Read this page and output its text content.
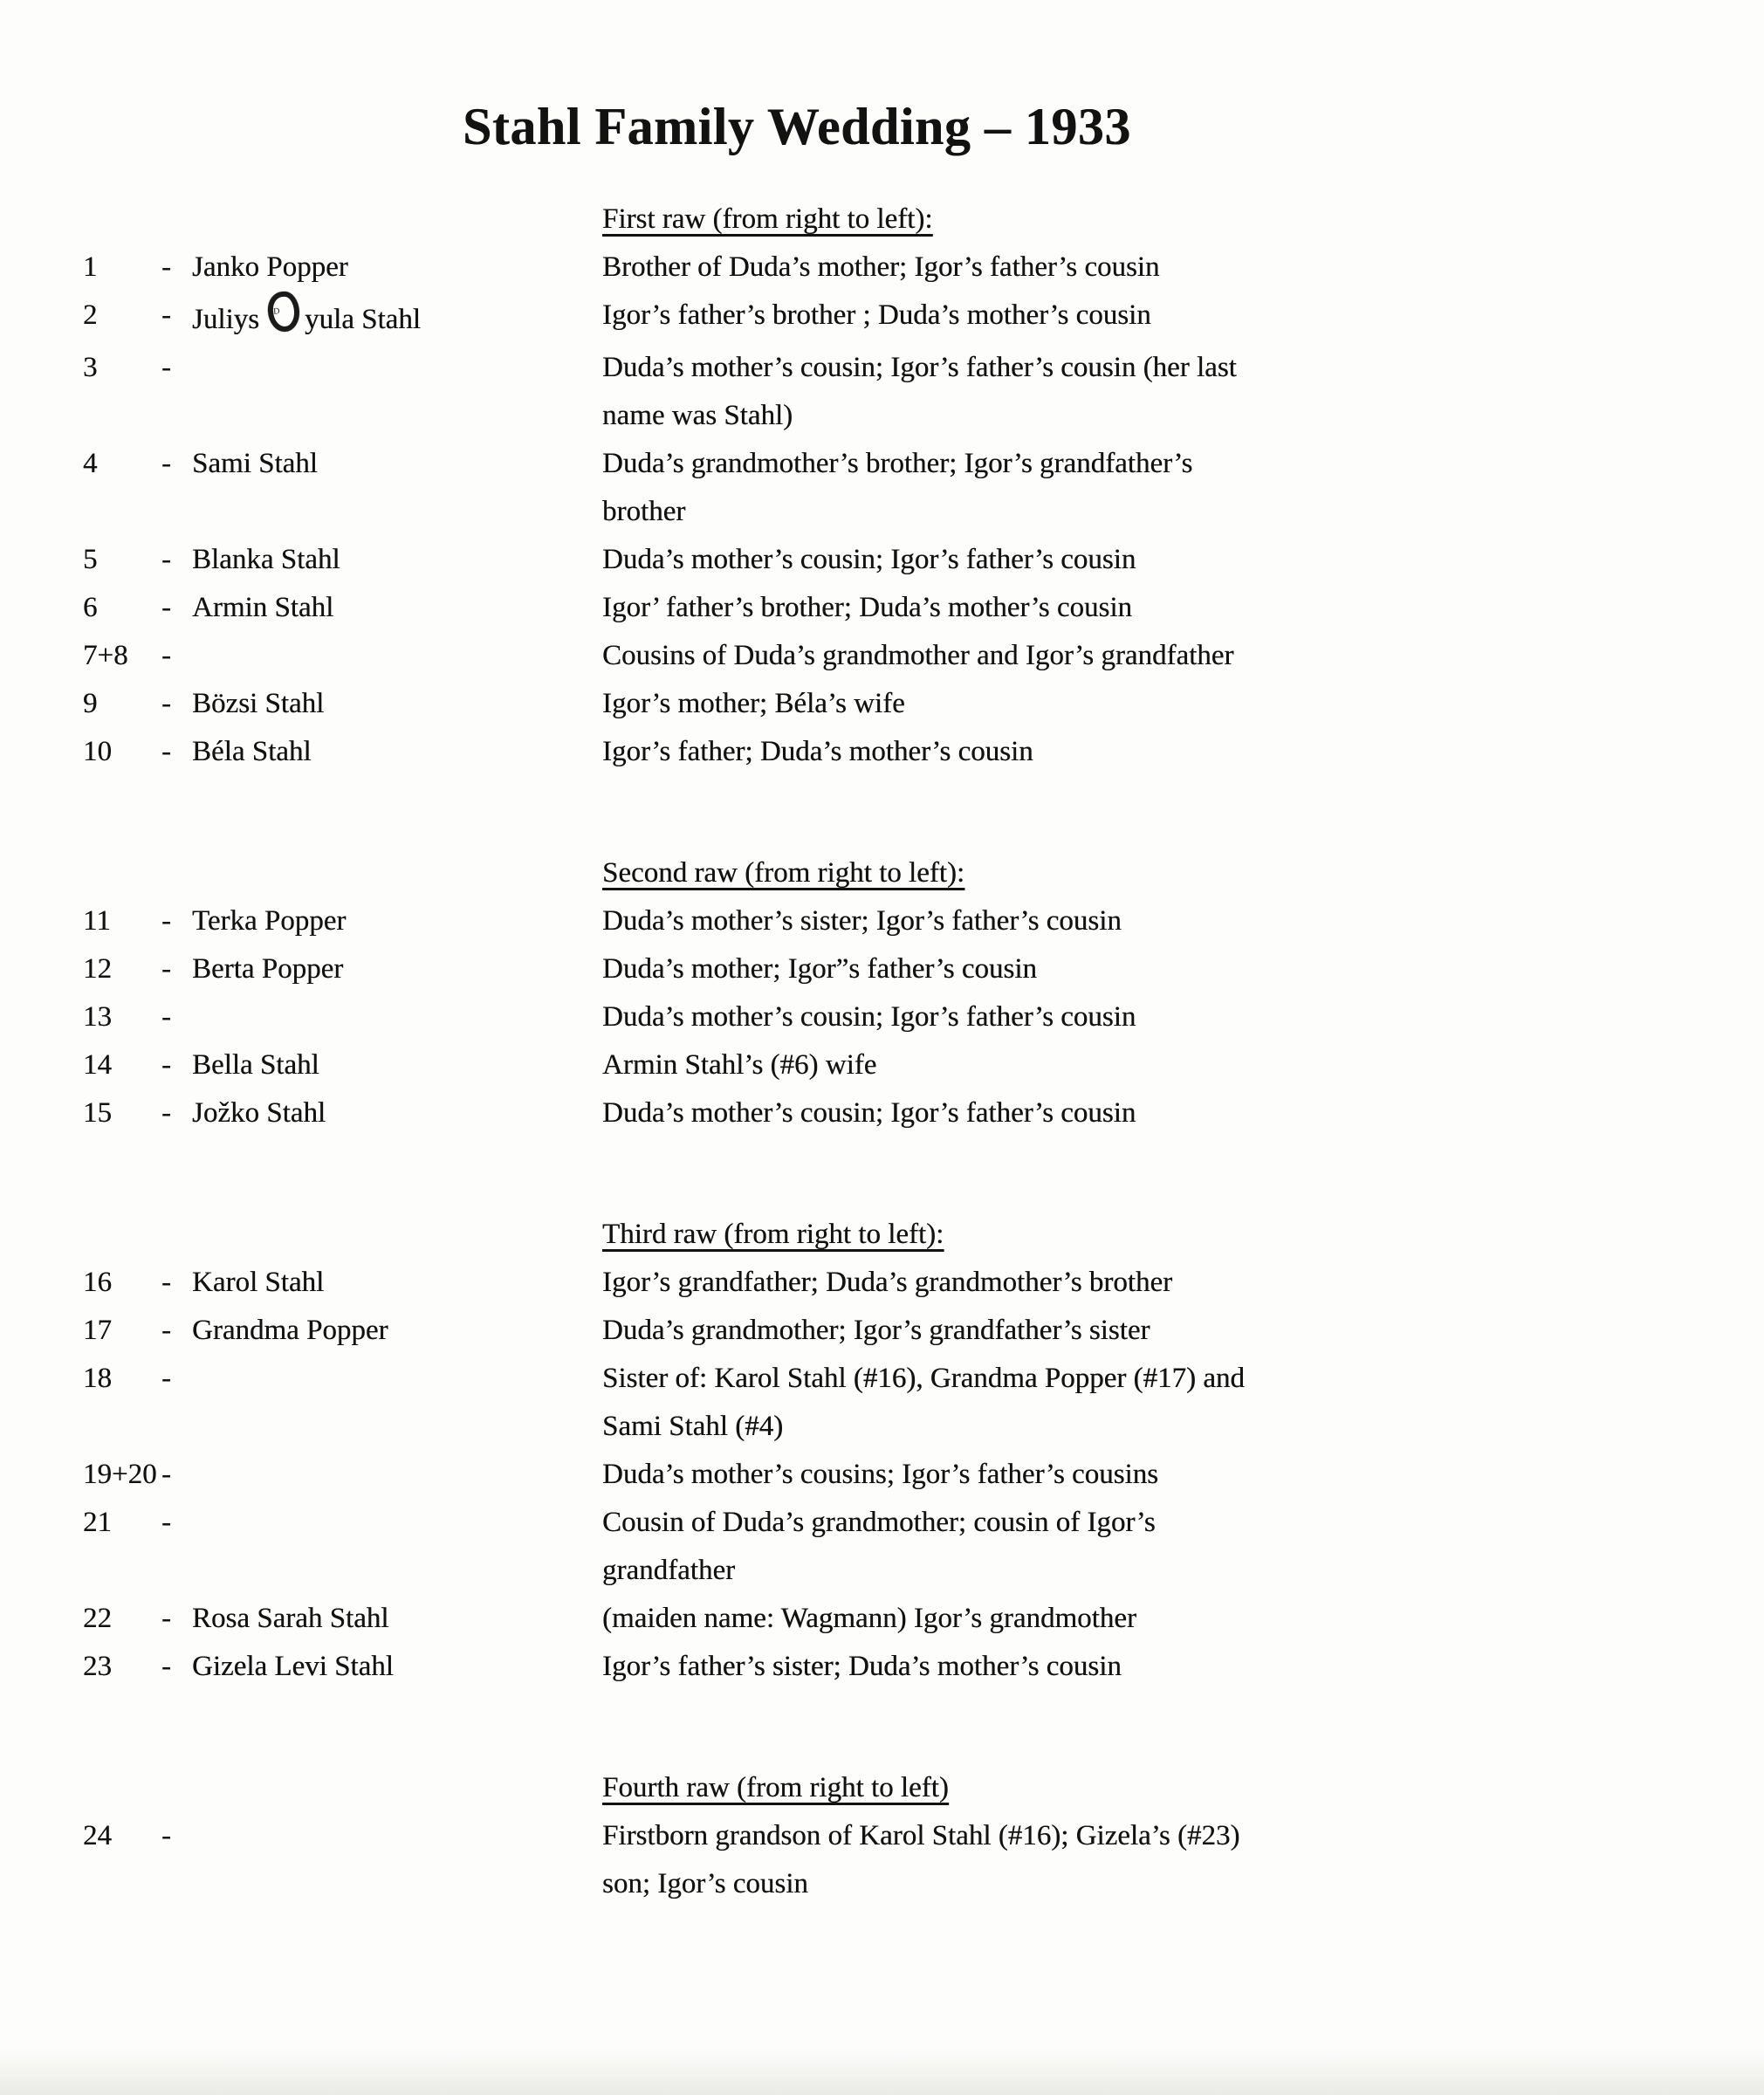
Stahl Family Wedding – 1933
First raw (from right to left):
1	- Janko Popper	Brother of Duda’s mother; Igor’s father’s cousin
2	- Juliys D yula Stahl	Igor’s father’s brother ; Duda’s mother’s cousin
3	-	Duda’s mother’s cousin; Igor’s father’s cousin (her last
name was Stahl)
4	- Sami Stahl	Duda’s grandmother’s brother; Igor’s grandfather’s
brother
5	- Blanka Stahl	Duda’s mother’s cousin; Igor’s father’s cousin
6	- Armin Stahl	Igor’ father’s brother; Duda’s mother’s cousin
7+8	-	Cousins of Duda’s grandmother and Igor’s grandfather
9	- Bözsi Stahl	Igor’s mother; Béla’s wife
10	- Béla Stahl	Igor’s father; Duda’s mother’s cousin
Second raw (from right to left):
11	- Terka Popper	Duda’s mother’s sister; Igor’s father’s cousin
12	- Berta Popper	Duda’s mother; Igor”s father’s cousin
13	-	Duda’s mother’s cousin; Igor’s father’s cousin
14	- Bella Stahl	Armin Stahl’s (#6) wife
15	- Jožko Stahl	Duda’s mother’s cousin; Igor’s father’s cousin
Third raw (from right to left):
16	- Karol Stahl	Igor’s grandfather; Duda’s grandmother’s brother
17	- Grandma Popper	Duda’s grandmother; Igor’s grandfather’s sister
18	-	Sister of: Karol Stahl (#16), Grandma Popper (#17) and
Sami Stahl (#4)
19+20 -	Duda’s mother’s cousins; Igor’s father’s cousins
21	-	Cousin of Duda’s grandmother; cousin of Igor’s
grandfather
22	- Rosa Sarah Stahl	(maiden name: Wagmann) Igor’s grandmother
23	- Gizela Levi Stahl	Igor’s father’s sister; Duda’s mother’s cousin
Fourth raw (from right to left)
24	-	Firstborn grandson of Karol Stahl (#16); Gizela’s (#23)
son; Igor’s cousin
